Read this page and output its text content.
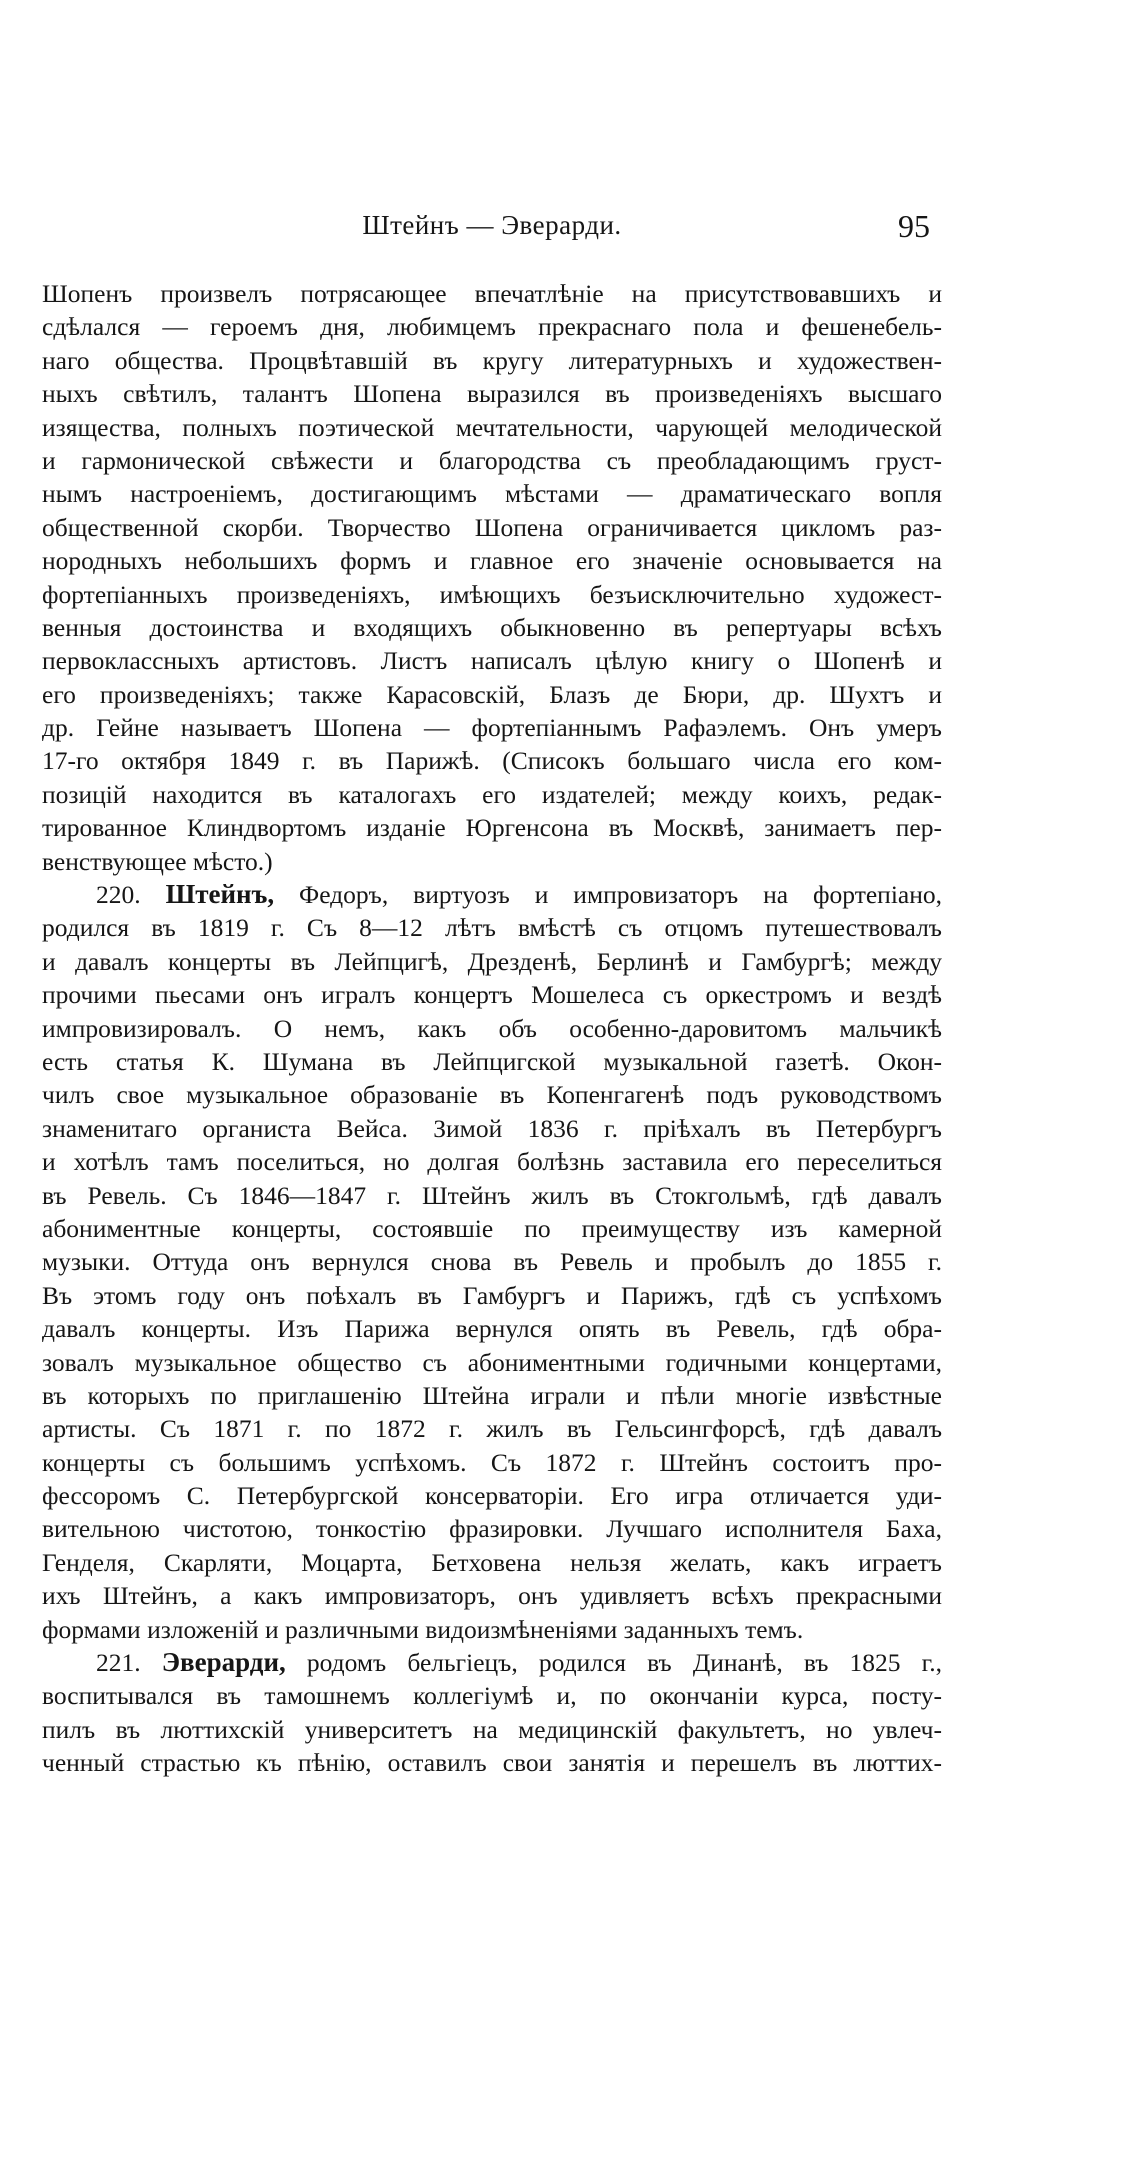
Штейнъ — Эверарди.	95
Шопенъ произвелъ потрясающее впечатлѣніе на присутствовавшихъ и
сдѣлался — героемъ дня, любимцемъ прекраснаго пола и фешенебель-
наго общества. Процвѣтавшій въ кругу литературныхъ и художествен-
ныхъ свѣтилъ, талантъ Шопена выразился въ произведеніяхъ высшаго
изящества, полныхъ поэтической мечтательности, чарующей мелодической
и гармонической свѣжести и благородства съ преобладающимъ груст-
нымъ настроеніемъ, достигающимъ мѣстами — драматическаго вопля
общественной скорби. Творчество Шопена ограничивается цикломъ раз-
нородныхъ небольшихъ формъ и главное его значеніе основывается на
фортепіанныхъ произведеніяхъ, имѣющихъ безъисключительно художест-
венныя достоинства и входящихъ обыкновенно въ репертуары всѣхъ
первоклассныхъ артистовъ. Листъ написалъ цѣлую книгу о Шопенѣ и
его произведеніяхъ; также Карасовскій, Блазъ де Бюри, др. Шухтъ и
др. Гейне называетъ Шопена — фортепіаннымъ Рафаэлемъ. Онъ умеръ
17-го октября 1849 г. въ Парижѣ. (Списокъ большаго числа его ком-
позицій находится въ каталогахъ его издателей; между коихъ, редак-
тированное Клиндвортомъ изданіе Юргенсона въ Москвѣ, занимаетъ пер-
венствующее мѣсто.)
220. Штейнъ, Федоръ, виртуозъ и импровизаторъ на фортепіано,
родился въ 1819 г. Съ 8—12 лѣтъ вмѣстѣ съ отцомъ путешествовалъ
и давалъ концерты въ Лейпцигѣ, Дрезденѣ, Берлинѣ и Гамбургѣ; между
прочими пьесами онъ игралъ концертъ Мошелеса съ оркестромъ и вездѣ
импровизировалъ. О немъ, какъ объ особенно-даровитомъ мальчикѣ
есть статья К. Шумана въ Лейпцигской музыкальной газетѣ. Окон-
чилъ свое музыкальное образованіе въ Копенгагенѣ подъ руководствомъ
знаменитаго органиста Вейса. Зимой 1836 г. пріѣхалъ въ Петербургъ
и хотѣлъ тамъ поселиться, но долгая болѣзнь заставила его переселиться
въ Ревель. Съ 1846—1847 г. Штейнъ жилъ въ Стокгольмѣ, гдѣ давалъ
абониментные концерты, состоявшіе по преимуществу изъ камерной
музыки. Оттуда онъ вернулся снова въ Ревель и пробылъ до 1855 г.
Въ этомъ году онъ поѣхалъ въ Гамбургъ и Парижъ, гдѣ съ успѣхомъ
давалъ концерты. Изъ Парижа вернулся опять въ Ревель, гдѣ обра-
зовалъ музыкальное общество съ абониментными годичными концертами,
въ которыхъ по приглашенію Штейна играли и пѣли многіе извѣстные
артисты. Съ 1871 г. по 1872 г. жилъ въ Гельсингфорсѣ, гдѣ давалъ
концерты съ большимъ успѣхомъ. Съ 1872 г. Штейнъ состоитъ про-
фессоромъ С. Петербургской консерваторіи. Его игра отличается уди-
вительною чистотою, тонкостію фразировки. Лучшаго исполнителя Баха,
Генделя, Скарляти, Моцарта, Бетховена нельзя желать, какъ играетъ
ихъ Штейнъ, а какъ импровизаторъ, онъ удивляетъ всѣхъ прекрасными
формами изложеній и различными видоизмѣненіями заданныхъ темъ.
221. Эверарди, родомъ бельгіецъ, родился въ Динанѣ, въ 1825 г.,
воспитывался въ тамошнемъ коллегіумѣ и, по окончаніи курса, посту-
пилъ въ люттихскій университетъ на медицинскій факультетъ, но увлеч-
ченный страстью къ пѣнію, оставилъ свои занятія и перешелъ въ люттих-
